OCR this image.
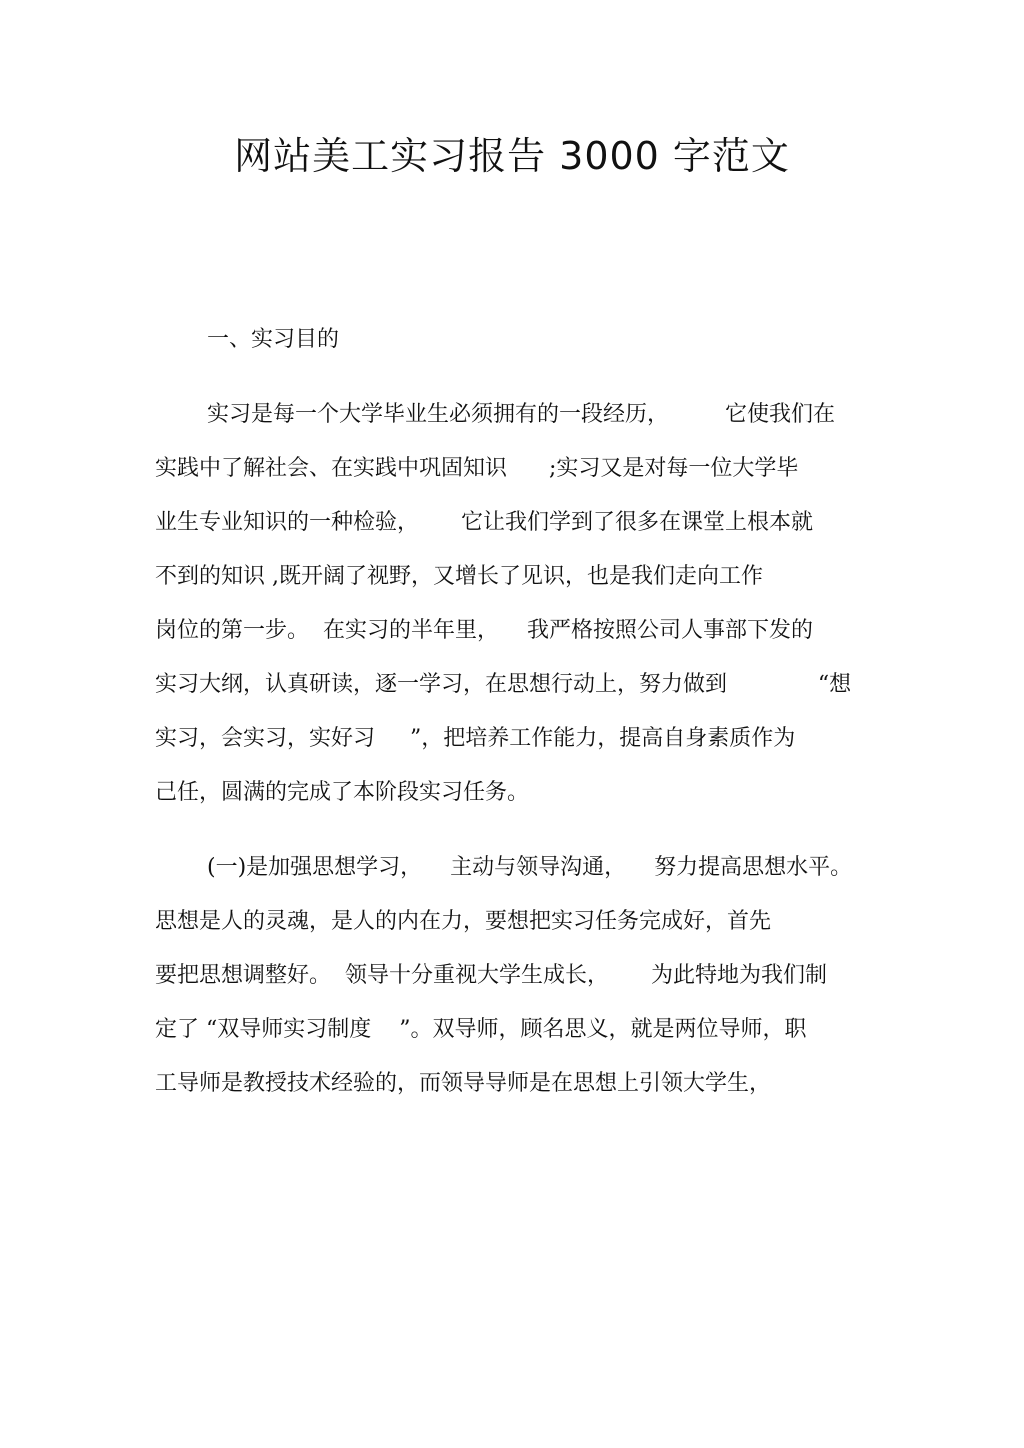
网站美工实习报告 3000 字范文
一、实习目的

实习是每一个大学毕业生必须拥有的一段经历，        它使我们在

实践中了解社会、在实践中巩固知识      ;实习又是对每一位大学毕

业生专业知识的一种检验，      它让我们学到了很多在课堂上根本就

不到的知识 ,既开阔了视野，又增长了见识，也是我们走向工作

岗位的第一步。  在实习的半年里，    我严格按照公司人事部下发的

实习大纲，认真研读，逐一学习，在思想行动上，努力做到             “想

实习，会实习，实好习     ”，把培养工作能力，提高自身素质作为

己任，圆满的完成了本阶段实习任务。

(一)是加强思想学习，    主动与领导沟通，    努力提高思想水平。

思想是人的灵魂，是人的内在力，要想把实习任务完成好，首先

要把思想调整好。  领导十分重视大学生成长，      为此特地为我们制

定了 “双导师实习制度    ”。双导师，顾名思义，就是两位导师，职

工导师是教授技术经验的，而领导导师是在思想上引领大学生，
